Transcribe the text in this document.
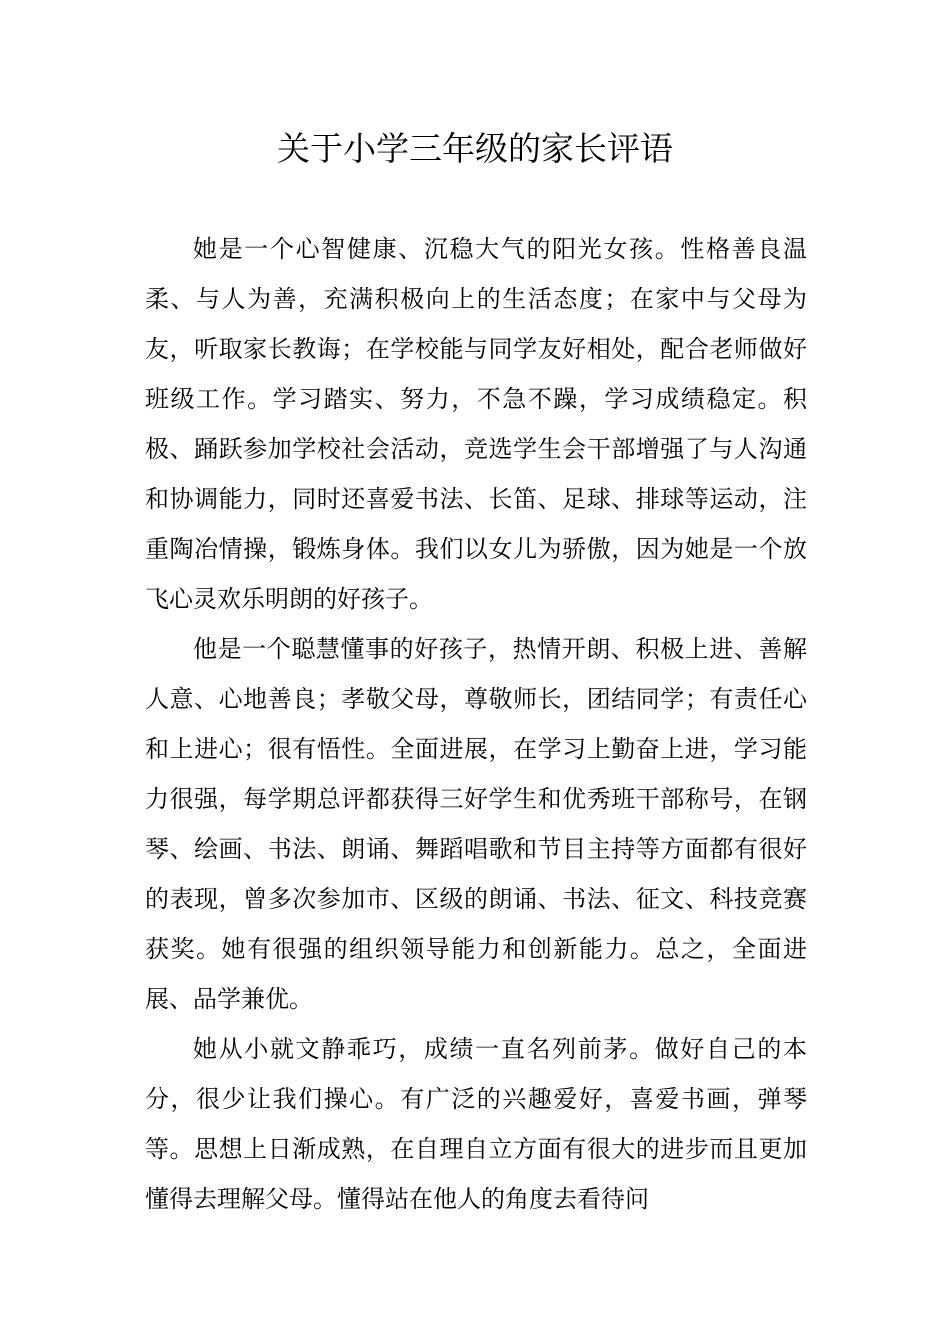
关于小学三年级的家长评语

她是一个心智健康、沉稳大气的阳光女孩。性格善良温柔、与人为善，充满积极向上的生活态度；在家中与父母为友，听取家长教诲；在学校能与同学友好相处，配合老师做好班级工作。学习踏实、努力，不急不躁，学习成绩稳定。积极、踊跃参加学校社会活动，竞选学生会干部增强了与人沟通和协调能力，同时还喜爱书法、长笛、足球、排球等运动，注重陶冶情操，锻炼身体。我们以女儿为骄傲，因为她是一个放飞心灵欢乐明朗的好孩子。

他是一个聪慧懂事的好孩子，热情开朗、积极上进、善解人意、心地善良；孝敬父母，尊敬师长，团结同学；有责任心和上进心；很有悟性。全面进展，在学习上勤奋上进，学习能力很强，每学期总评都获得三好学生和优秀班干部称号，在钢琴、绘画、书法、朗诵、舞蹈唱歌和节目主持等方面都有很好的表现，曾多次参加市、区级的朗诵、书法、征文、科技竞赛获奖。她有很强的组织领导能力和创新能力。总之，全面进展、品学兼优。

她从小就文静乖巧，成绩一直名列前茅。做好自己的本分，很少让我们操心。有广泛的兴趣爱好，喜爱书画，弹琴等。思想上日渐成熟，在自理自立方面有很大的进步而且更加懂得去理解父母。懂得站在他人的角度去看待问
